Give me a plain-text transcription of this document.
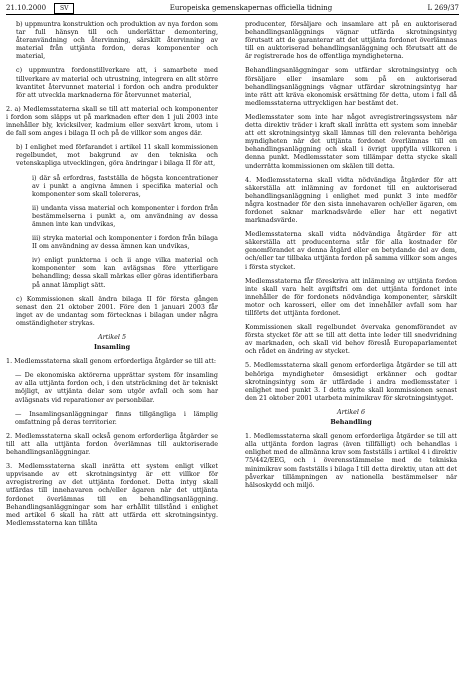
21.10.2000	SV	Europeiska gemenskapernas officiella tidning	L 269/37

b) uppmuntra konstruktion och produktion av nya fordon som tar full hänsyn till och underlättar demontering, återanvändning och återvinning, särskilt återvinning av material från uttjänta fordon, deras komponenter och material,

c) uppmuntra fordonstillverkare att, i samarbete med tillverkare av material och utrustning, integrera en allt större kvantitet återvunnet material i fordon och andra produkter för att utveckla marknaderna för återvunnet material,

2. a) Medlemsstaterna skall se till att material och komponenter i fordon som släpps ut på marknaden efter den 1 juli 2003 inte innehåller bly, kvicksilver, kadmium eller sexvärt krom, utom i de fall som anges i bilaga II och på de villkor som anges där.

b) I enlighet med förfarandet i artikel 11 skall kommissionen regelbundet, mot bakgrund av den tekniska och vetenskapliga utvecklingen, göra ändringar i bilaga II för att,

i) där så erfordras, fastställa de högsta koncentrationer av i punkt a angivna ämnen i specifika material och komponenter som skall tolereras,

ii) undanta vissa material och komponenter i fordon från bestämmelserna i punkt a, om användning av dessa ämnen inte kan undvikas,

iii) stryka material och komponenter i fordon från bilaga II om användning av dessa ämnen kan undvikas,

iv) enligt punkterna i och ii ange vilka material och komponenter som kan avlägsnas före ytterligare behandling; dessa skall märkas eller göras identifierbara på annat lämpligt sätt.

c) Kommissionen skall ändra bilaga II för första gången senast den 21 oktober 2001. Före den 1 januari 2003 får inget av de undantag som förtecknas i bilagan under några omständigheter strykas.

Artikel 5
Insamling

1. Medlemsstaterna skall genom erforderliga åtgärder se till att:

— De ekonomiska aktörerna upprättar system för insamling av alla uttjänta fordon och, i den utsträckning det är tekniskt möjligt, av uttjänta delar som utgör avfall och som har avlägsnats vid reparationer av personbilar.

— Insamlingsanläggningar finns tillgängliga i lämplig omfattning på deras territorier.

2. Medlemsstaterna skall också genom erforderliga åtgärder se till att alla uttjänta fordon överlämnas till auktoriserade behandlingsanläggningar.

3. Medlemsstaterna skall inrätta ett system enligt vilket uppvisande av ett skrotningsintyg är ett villkor för avregistrering av det uttjänta fordonet. Detta intyg skall utfärdas till innehavaren och/eller ägaren när det uttjänta fordonet överlämnas till en behandlingsanläggning. Behandlingsanläggningar som har erhållit tillstånd i enlighet med artikel 6 skall ha rätt att utfärda ett skrotningsintyg. Medlemsstaterna kan tillåta

producenter, försäljare och insamlare att på en auktoriserad behandlingsanläggnings vägnar utfärda skrotningsintyg förutsatt att de garanterar att det uttjänta fordonet överlämnas till en auktoriserad behandlingsanläggning och förutsatt att de är registrerade hos de offentliga myndigheterna.

Behandlingsanläggningar som utfärdar skrotningsintyg och försäljare eller insamlare som på en auktoriserad behandlingsanläggnings vägnar utfärdar skrotningsintyg har inte rätt att kräva ekonomisk ersättning för detta, utom i fall då medlemsstaterna uttryckligen har bestämt det.

Medlemsstater som inte har något avregistreringssystem när detta direktiv träder i kraft skall inrätta ett system som innebär att ett skrotningsintyg skall lämnas till den relevanta behöriga myndigheten när det uttjänta fordonet överlämnas till en behandlingsanläggning och skall i övrigt uppfylla villkoren i denna punkt. Medlemsstater som tillämpar detta stycke skall underrätta kommissionen om skälen till detta.

4. Medlemsstaterna skall vidta nödvändiga åtgärder för att säkerställa att inlämning av fordonet till en auktoriserad behandlingsanläggning i enlighet med punkt 3 inte medför några kostnader för den sista innehavaren och/eller ägaren, om fordonet saknar marknadsvärde eller har ett negativt marknadsvärde.

Medlemsstaterna skall vidta nödvändiga åtgärder för att säkerställa att producenterna står för alla kostnader för genomförandet av denna åtgärd eller en betydande del av dem, och/eller tar tillbaka uttjänta fordon på samma villkor som anges i första stycket.

Medlemsstaterna får föreskriva att inlämning av uttjänta fordon inte skall vara helt avgiftsfri om det uttjänta fordonet inte innehåller de för fordonets nödvändiga komponenter, särskilt motor och karosseri, eller om det innehåller avfall som har tillförts det uttjänta fordonet.

Kommissionen skall regelbundet övervaka genomförandet av första stycket för att se till att detta inte leder till snedvridning av marknaden, och skall vid behov föreslå Europaparlamentet och rådet en ändring av stycket.

5. Medlemsstaterna skall genom erforderliga åtgärder se till att behöriga myndigheter ömsesidigt erkänner och godtar skrotningsintyg som är utfärdade i andra medlemsstater i enlighet med punkt 3. I detta syfte skall kommissionen senast den 21 oktober 2001 utarbeta minimikrav för skrotningsintyget.

Artikel 6
Behandling

1. Medlemsstaterna skall genom erforderliga åtgärder se till att alla uttjänta fordon lagras (även tillfälligt) och behandlas i enlighet med de allmänna krav som fastställs i artikel 4 i direktiv 75/442/EEG, och i överensstämmelse med de tekniska minimikrav som fastställs i bilaga I till detta direktiv, utan att det påverkar tillämpningen av nationella bestämmelser när hälsoskydd och miljö.
